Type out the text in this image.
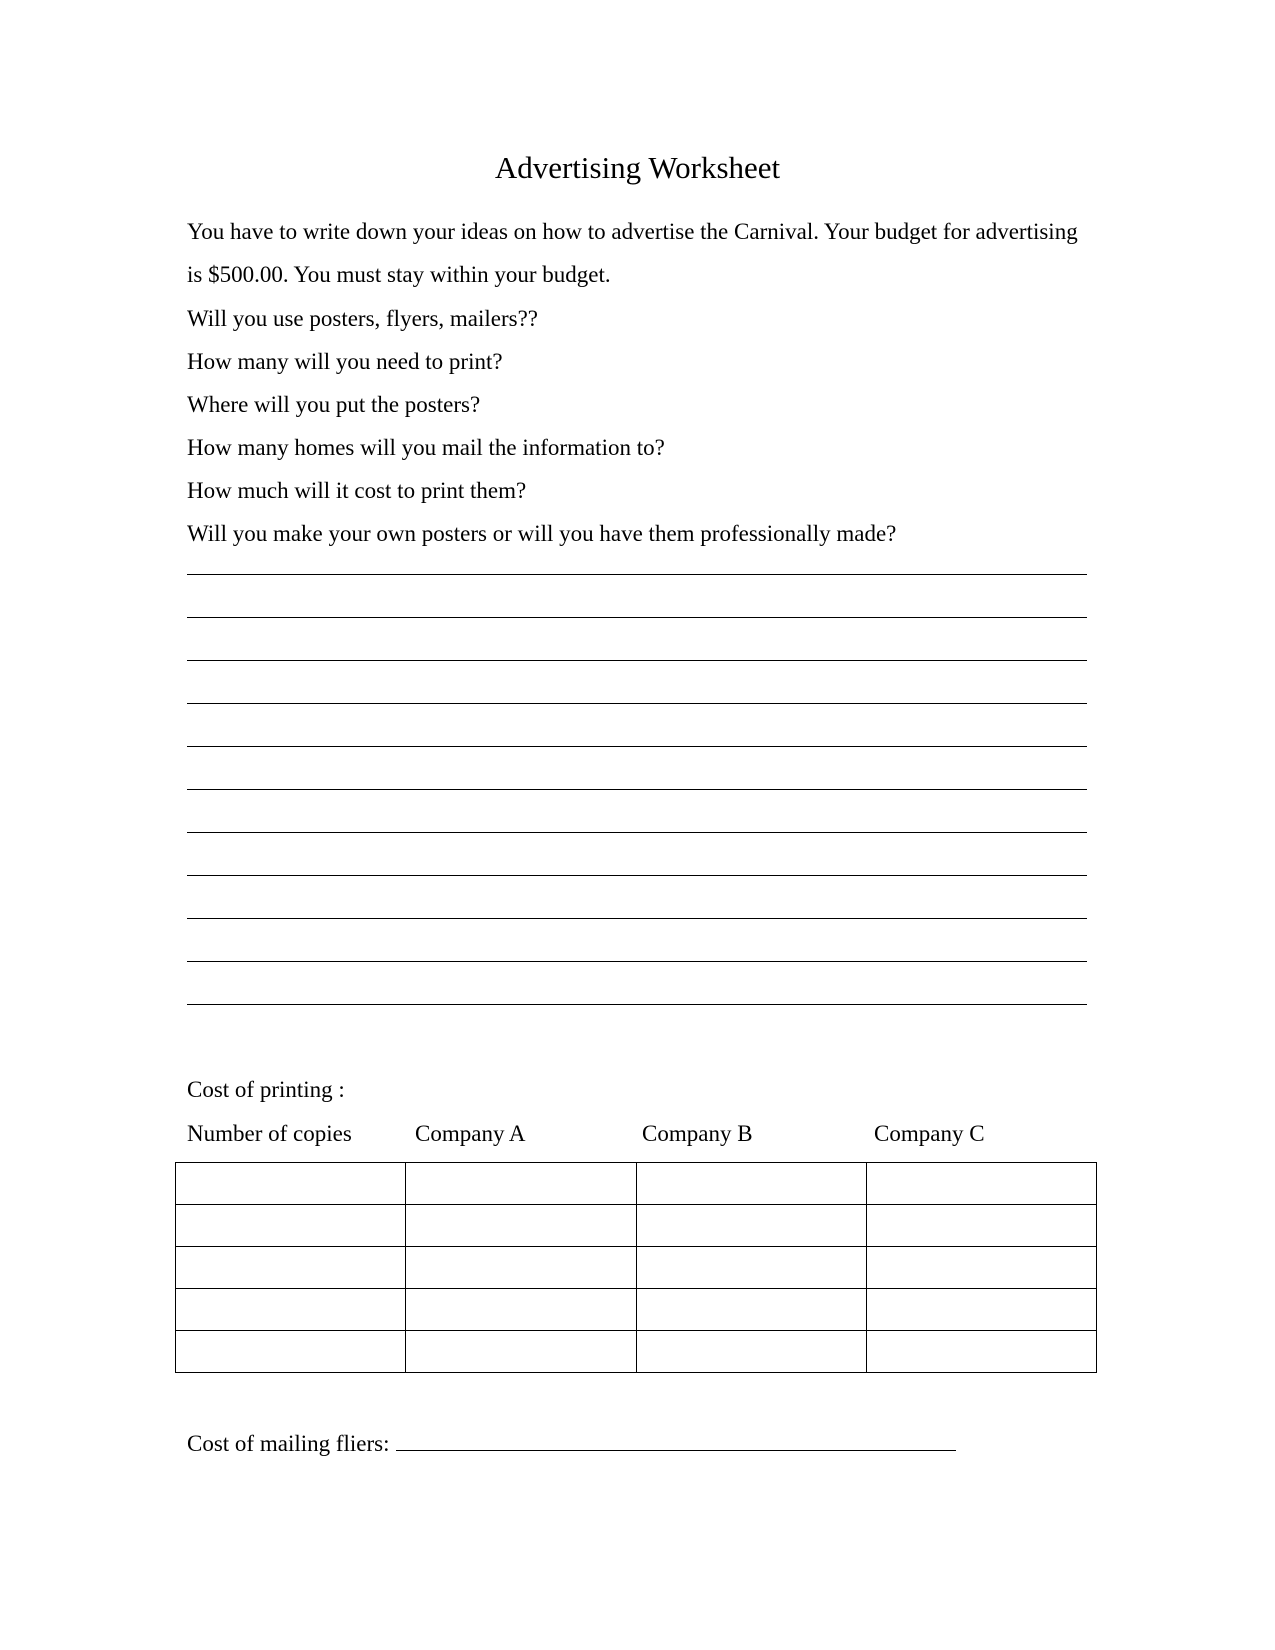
Advertising Worksheet
You have to write down your ideas on how to advertise the Carnival. Your budget for advertising is $500.00. You must stay within your budget.
Will you use posters, flyers, mailers??
How many will you need to print?
Where will you put the posters?
How many homes will you mail the information to?
How much will it cost to print them?
Will you make your own posters or will you have them professionally made?
Cost of printing :
Number of copies	Company A	Company B	Company C

Cost of mailing fliers:
